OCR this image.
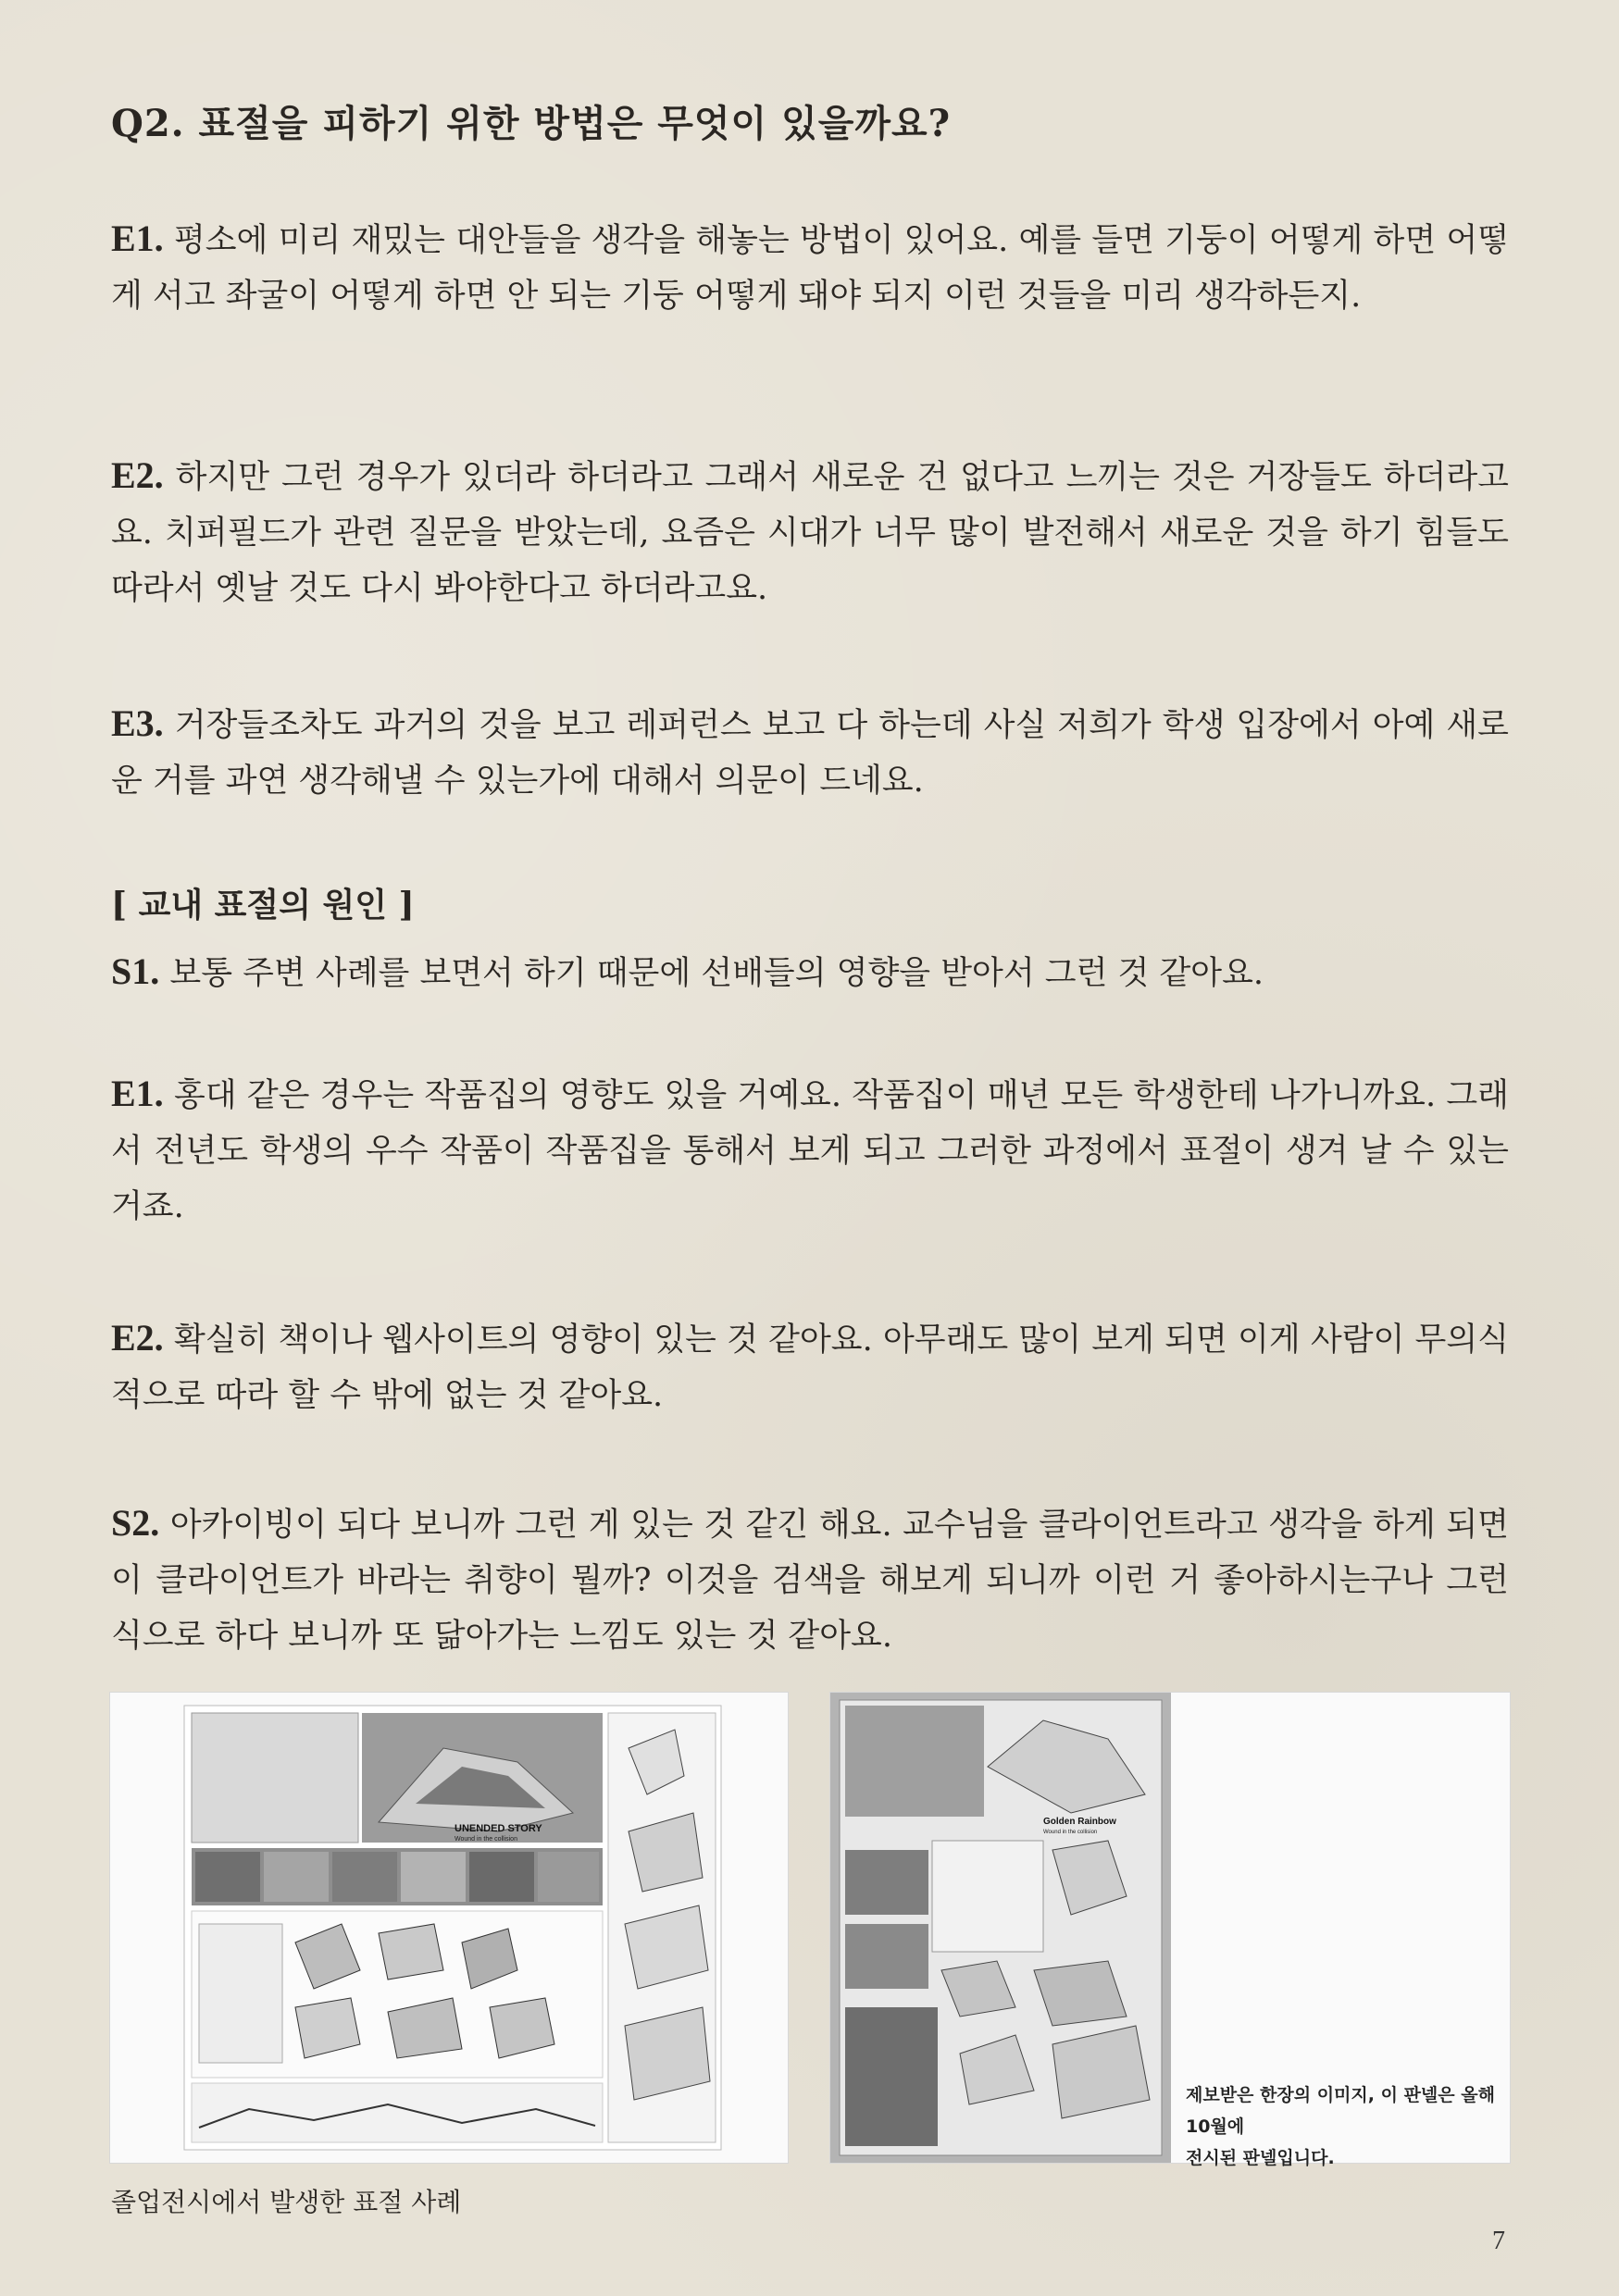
Q2. 표절을 피하기 위한 방법은 무엇이 있을까요?

E1. 평소에 미리 재밌는 대안들을 생각을 해놓는 방법이 있어요. 예를 들면 기둥이 어떻게 하면 어떻게 서고 좌굴이 어떻게 하면 안 되는 기둥 어떻게 돼야 되지 이런 것들을 미리 생각하든지.

E2. 하지만 그런 경우가 있더라 하더라고 그래서 새로운 건 없다고 느끼는 것은 거장들도 하더라고요. 치퍼필드가 관련 질문을 받았는데, 요즘은 시대가 너무 많이 발전해서 새로운 것을 하기 힘들도 따라서 옛날 것도 다시 봐야한다고 하더라고요.

E3. 거장들조차도 과거의 것을 보고 레퍼런스 보고 다 하는데 사실 저희가 학생 입장에서 아예 새로운 거를 과연 생각해낼 수 있는가에 대해서 의문이 드네요.

[ 교내 표절의 원인 ]

S1. 보통 주변 사례를 보면서 하기 때문에 선배들의 영향을 받아서 그런 것 같아요.

E1. 홍대 같은 경우는 작품집의 영향도 있을 거예요. 작품집이 매년 모든 학생한테 나가니까요. 그래서 전년도 학생의 우수 작품이 작품집을 통해서 보게 되고 그러한 과정에서 표절이 생겨 날 수 있는 거죠.

E2. 확실히 책이나 웹사이트의 영향이 있는 것 같아요. 아무래도 많이 보게 되면 이게 사람이 무의식적으로 따라 할 수 밖에 없는 것 같아요.

S2. 아카이빙이 되다 보니까 그런 게 있는 것 같긴 해요. 교수님을 클라이언트라고 생각을 하게 되면 이 클라이언트가 바라는 취향이 뭘까? 이것을 검색을 해보게 되니까 이런 거 좋아하시는구나 그런 식으로 하다 보니까 또 닮아가는 느낌도 있는 것 같아요.

UNENDED STORY
Wound in the collision
Golden Rainbow
Wound in the collision
제보받은 한장의 이미지, 이 판넬은 올해 10월에
전시된 판넬입니다.

졸업전시에서 발생한 표절 사례

7
